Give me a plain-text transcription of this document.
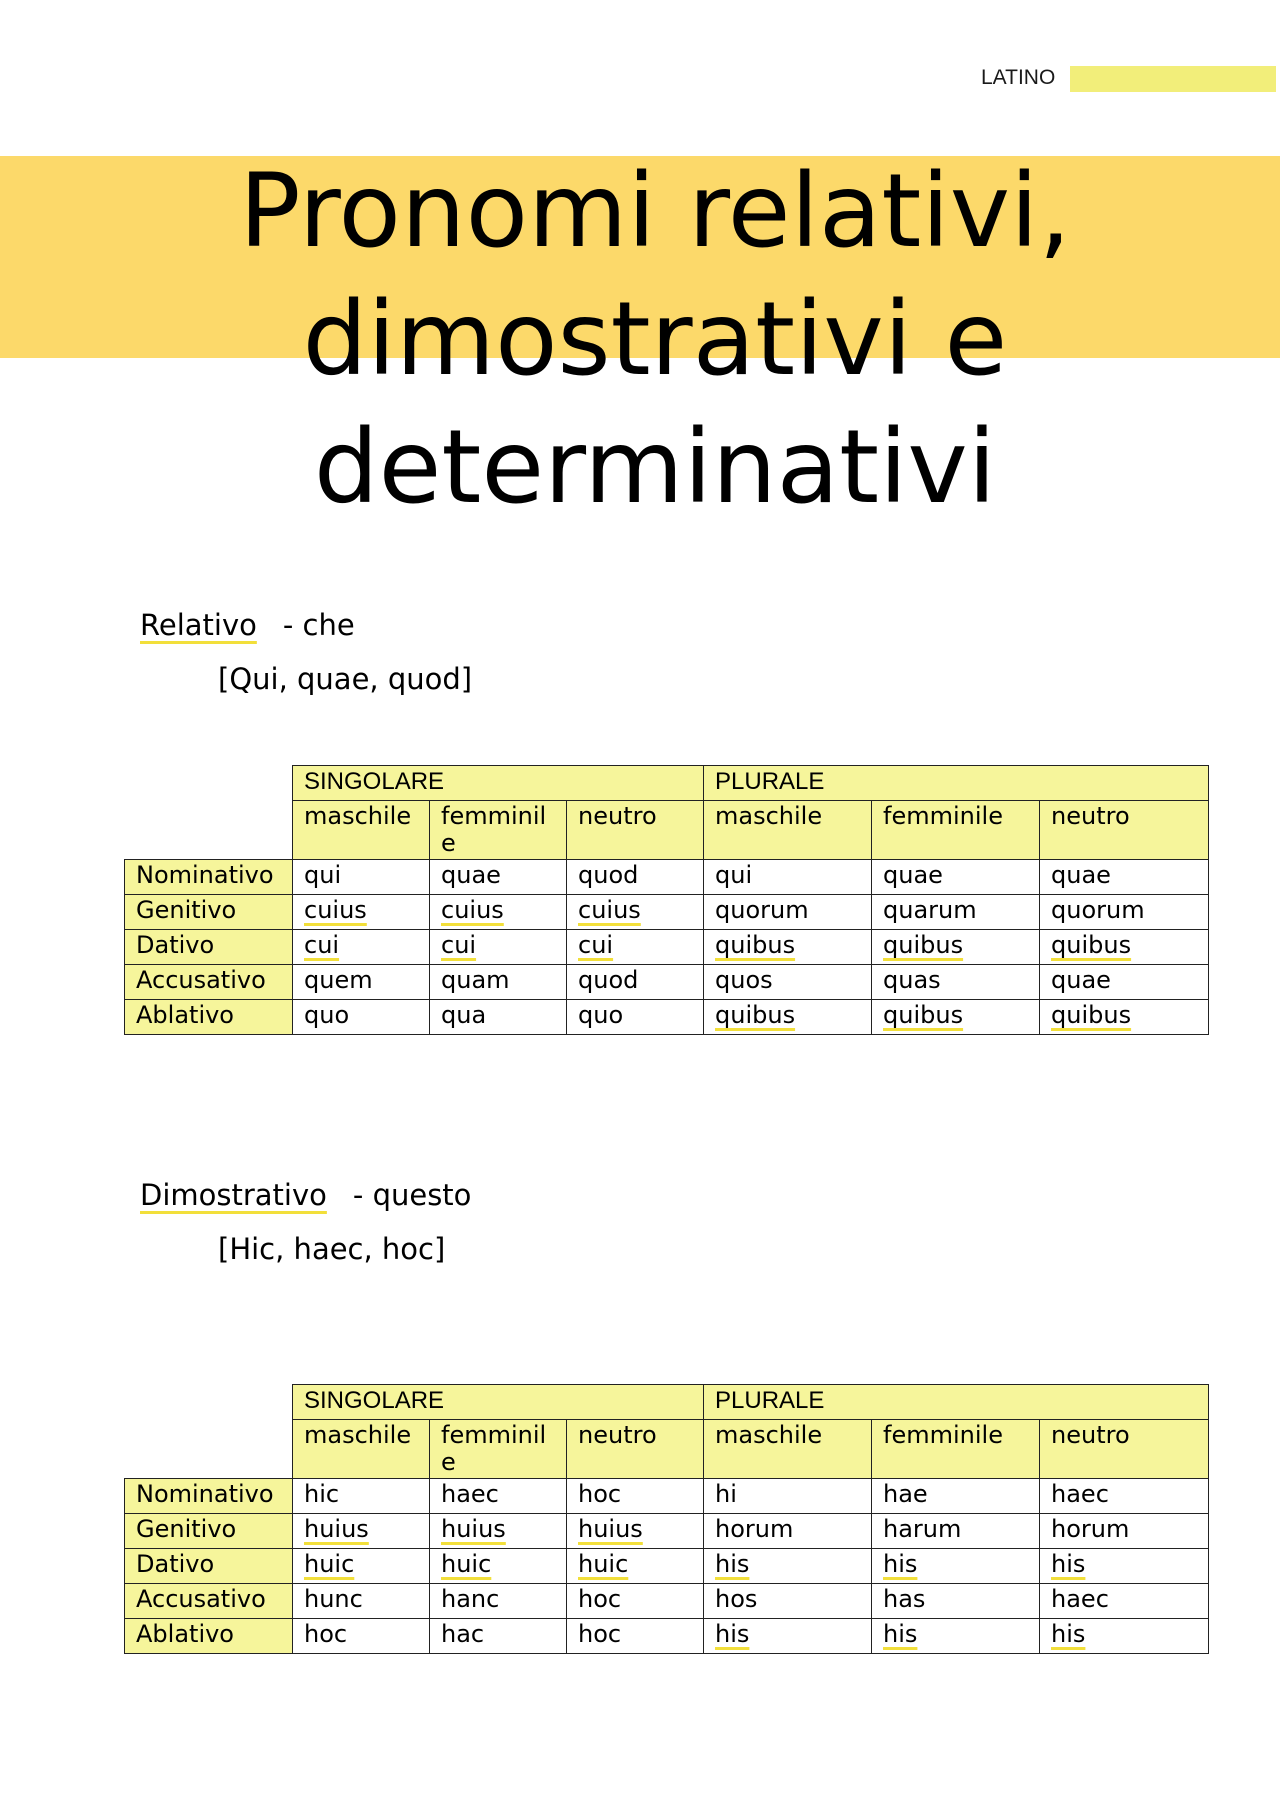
LATINO
Pronomi relativi,
dimostrativi e
determinativi
Relativo - che
[Qui, quae, quod]
	SINGOLARE			PLURALE		
	maschile	femminile	neutro	maschile	femminile	neutro
Nominativo	qui	quae	quod	qui	quae	quae
Genitivo	cuius	cuius	cuius	quorum	quarum	quorum
Dativo	cui	cui	cui	quibus	quibus	quibus
Accusativo	quem	quam	quod	quos	quas	quae
Ablativo	quo	qua	quo	quibus	quibus	quibus
Dimostrativo - questo
[Hic, haec, hoc]
	SINGOLARE			PLURALE		
	maschile	femminile	neutro	maschile	femminile	neutro
Nominativo	hic	haec	hoc	hi	hae	haec
Genitivo	huius	huius	huius	horum	harum	horum
Dativo	huic	huic	huic	his	his	his
Accusativo	hunc	hanc	hoc	hos	has	haec
Ablativo	hoc	hac	hoc	his	his	his
